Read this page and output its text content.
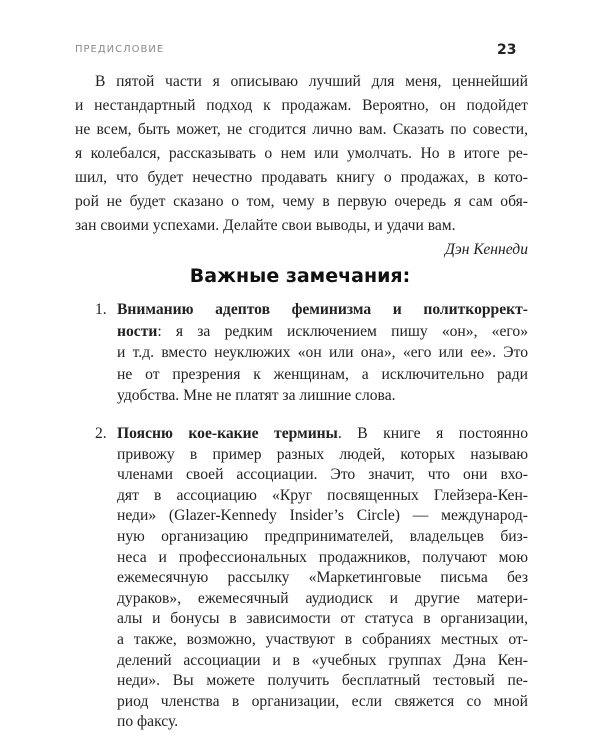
ПРЕДИСЛОВИЕ	23
В пятой части я описываю лучший для меня, ценнейший
и нестандартный подход к продажам. Вероятно, он подойдет
не всем, быть может, не сгодится лично вам. Сказать по совести,
я колебался, рассказывать о нем или умолчать. Но в итоге ре-
шил, что будет нечестно продавать книгу о продажах, в кото-
рой не будет сказано о том, чему в первую очередь я сам обя-
зан своими успехами. Делайте свои выводы, и удачи вам.
Дэн Кеннеди
Важные замечания:
1. Вниманию адептов феминизма и политкоррект-
ности: я за редким исключением пишу «он», «его»
и т.д. вместо неуклюжих «он или она», «его или ее». Это
не от презрения к женщинам, а исключительно ради
удобства. Мне не платят за лишние слова.
2. Поясню кое-какие термины. В книге я постоянно
привожу в пример разных людей, которых называю
членами своей ассоциации. Это значит, что они вхо-
дят в ассоциацию «Круг посвященных Глейзера-Кен-
неди» (Glazer-Kennedy Insider’s Circle) — международ-
ную организацию предпринимателей, владельцев биз-
неса и профессиональных продажников, получают мою
ежемесячную рассылку «Маркетинговые письма без
дураков», ежемесячный аудиодиск и другие матери-
алы и бонусы в зависимости от статуса в организации,
а также, возможно, участвуют в собраниях местных от-
делений ассоциации и в «учебных группах Дэна Кен-
неди». Вы можете получить бесплатный тестовый пе-
риод членства в организации, если свяжется со мной
по факсу.
